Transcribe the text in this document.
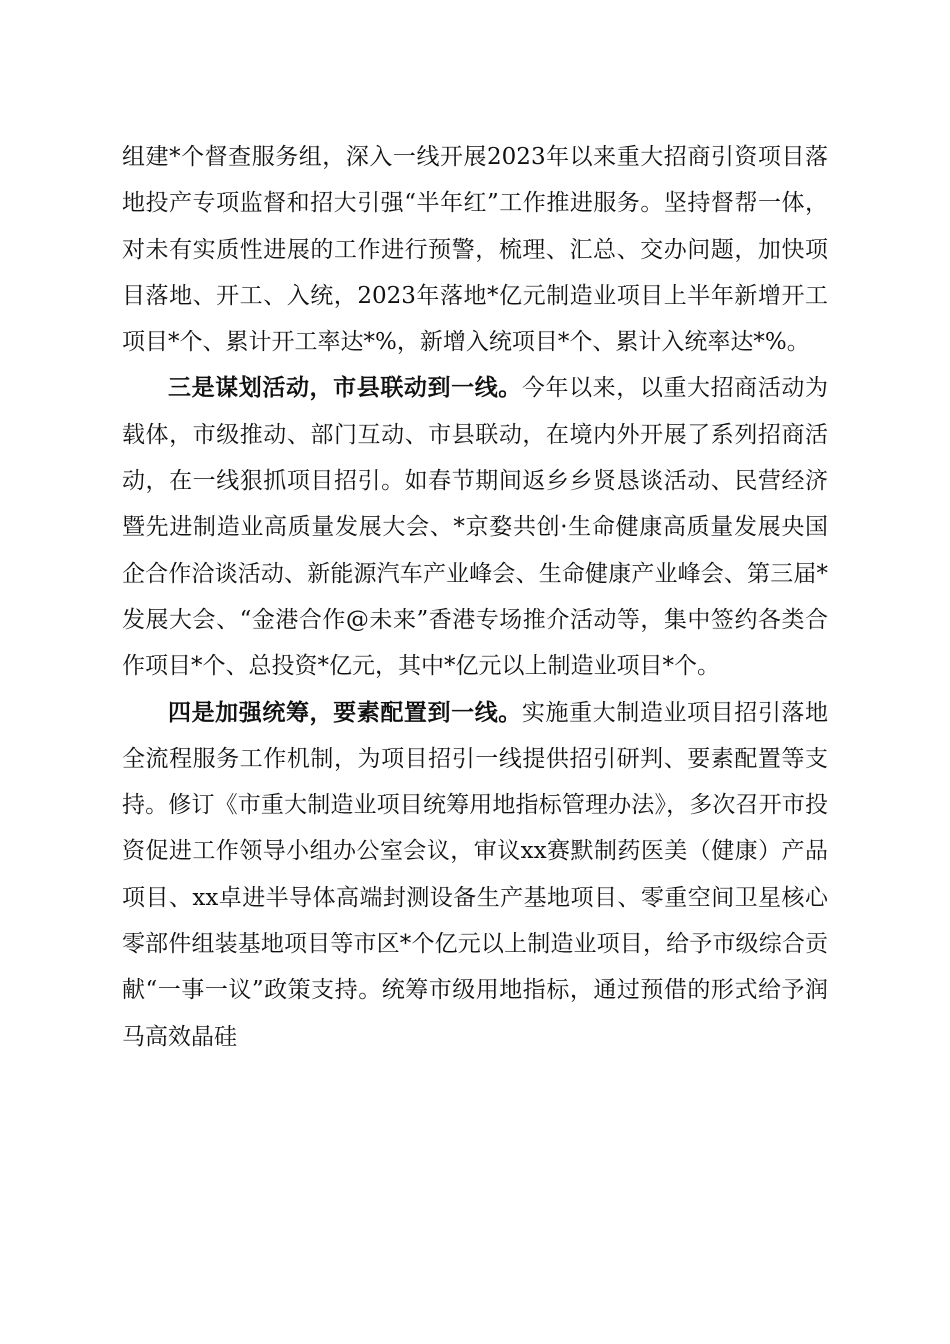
组建*个督查服务组，深入一线开展2023年以来重大招商引资项目落地投产专项监督和招大引强“半年红”工作推进服务。坚持督帮一体，对未有实质性进展的工作进行预警，梳理、汇总、交办问题，加快项目落地、开工、入统，2023年落地*亿元制造业项目上半年新增开工项目*个、累计开工率达*%，新增入统项目*个、累计入统率达*%。

三是谋划活动，市县联动到一线。今年以来，以重大招商活动为载体，市级推动、部门互动、市县联动，在境内外开展了系列招商活动，在一线狠抓项目招引。如春节期间返乡乡贤恳谈活动、民营经济暨先进制造业高质量发展大会、*京婺共创·生命健康高质量发展央国企合作洽谈活动、新能源汽车产业峰会、生命健康产业峰会、第三届*发展大会、“金港合作@未来”香港专场推介活动等，集中签约各类合作项目*个、总投资*亿元，其中*亿元以上制造业项目*个。

四是加强统筹，要素配置到一线。实施重大制造业项目招引落地全流程服务工作机制，为项目招引一线提供招引研判、要素配置等支持。修订《市重大制造业项目统筹用地指标管理办法》，多次召开市投资促进工作领导小组办公室会议，审议xx赛默制药医美（健康）产品项目、xx卓进半导体高端封测设备生产基地项目、零重空间卫星核心零部件组装基地项目等市区*个亿元以上制造业项目，给予市级综合贡献“一事一议”政策支持。统筹市级用地指标，通过预借的形式给予润马高效晶硅
